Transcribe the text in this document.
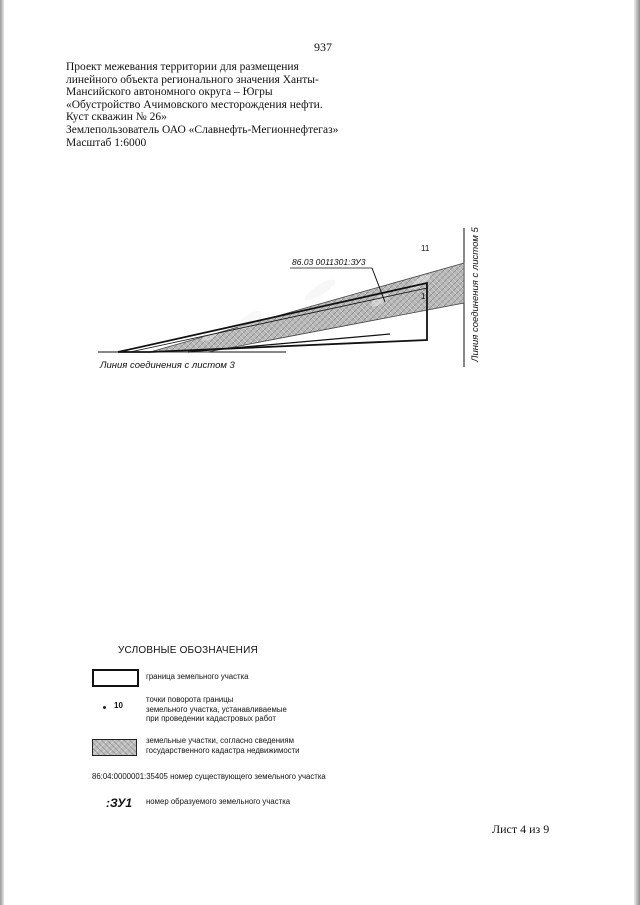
937
Проект межевания территории для размещения
линейного объекта регионального значения Ханты-
Мансийского автономного округа – Югры
«Обустройство Ачимовского месторождения нефти.
Куст скважин № 26»
Землепользователь ОАО «Славнефть-Мегионнефтегаз»
Масштаб 1:6000
86.03 0011301:ЗУ3
11
1
Линия соединения с листом 3
Линия соединения с листом 5
УСЛОВНЫЕ ОБОЗНАЧЕНИЯ
граница земельного участка
10
точки поворота границы
земельного участка, устанавливаемые
при проведении кадастровых работ
земельные участки, согласно сведениям
государственного кадастра недвижимости
86:04:0000001:35405 номер существующего земельного участка
:ЗУ1 номер образуемого земельного участка
Лист 4 из 9
